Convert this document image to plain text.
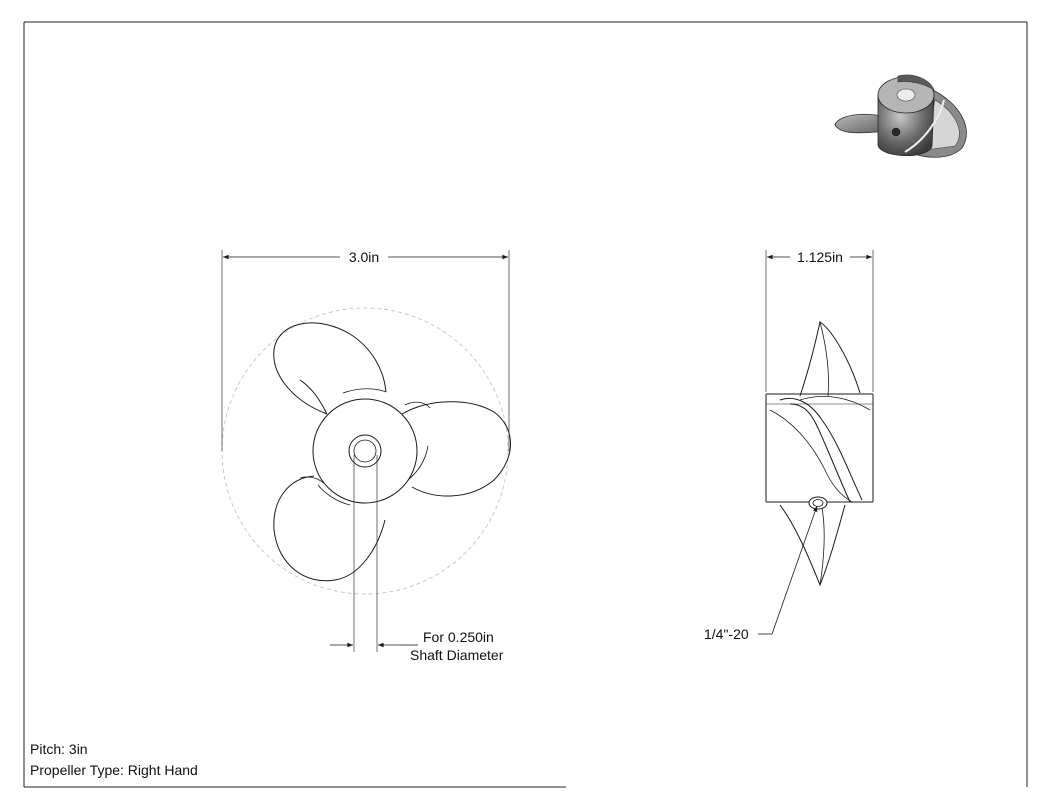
3.0in
For 0.250in
Shaft Diameter
1.125in
1/4"-20
Pitch: 3in
Propeller Type: Right Hand
